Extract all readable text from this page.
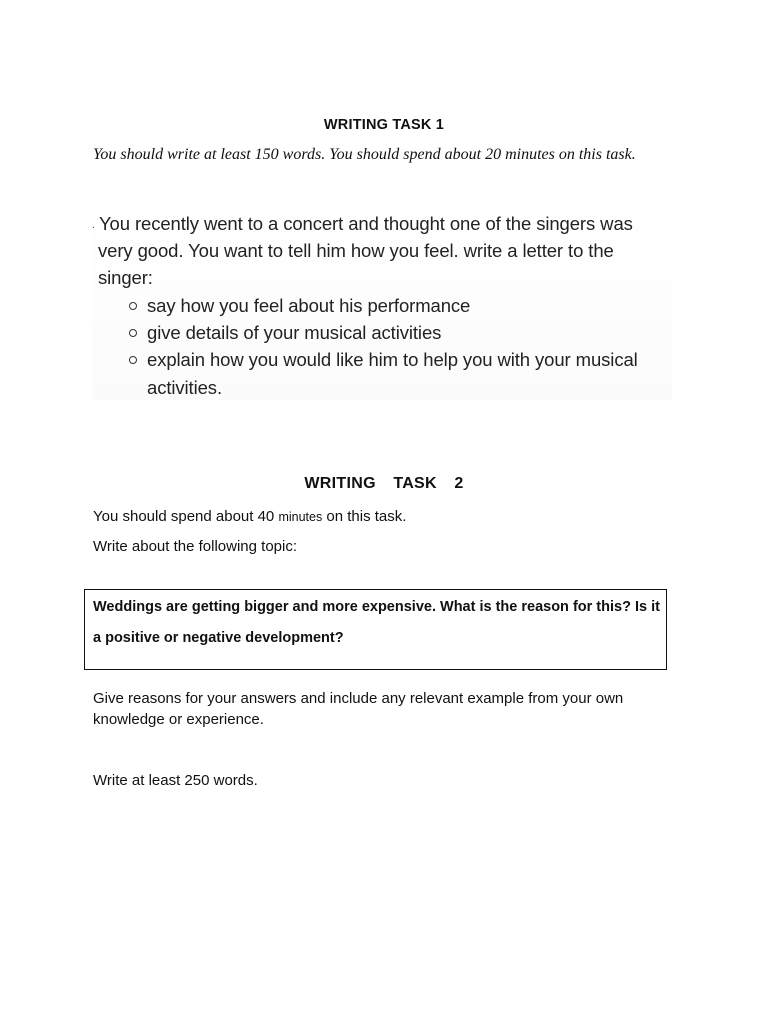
WRITING TASK 1
You should write at least 150 words. You should spend about 20 minutes on this task.
. You recently went to a concert and thought one of the singers was
very good. You want to tell him how you feel. write a letter to the
singer:
say how you feel about his performance
give details of your musical activities
explain how you would like him to help you with your musical
activities.
WRITING  TASK  2
You should spend about 40 minutes on this task.
Write about the following topic:
Weddings are getting bigger and more expensive. What is the reason for this? Is it
a positive or negative development?
Give reasons for your answers and include any relevant example from your own
knowledge or experience.
Write at least 250 words.
